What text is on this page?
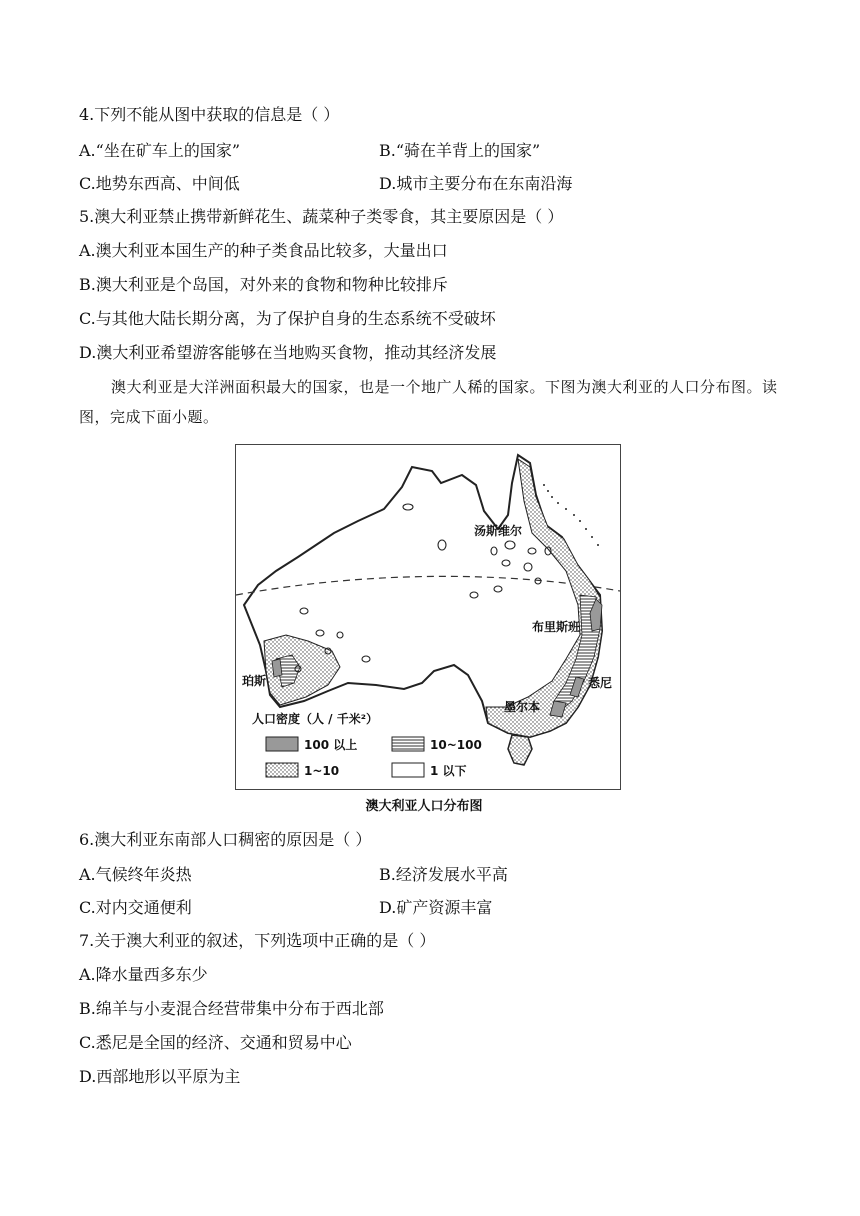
4.下列不能从图中获取的信息是（ ）
A.“坐在矿车上的国家”	B.“骑在羊背上的国家”
C.地势东西高、中间低	D.城市主要分布在东南沿海
5.澳大利亚禁止携带新鲜花生、蔬菜种子类零食，其主要原因是（ ）
A.澳大利亚本国生产的种子类食品比较多，大量出口
B.澳大利亚是个岛国，对外来的食物和物种比较排斥
C.与其他大陆长期分离，为了保护自身的生态系统不受破坏
D.澳大利亚希望游客能够在当地购买食物，推动其经济发展
澳大利亚是大洋洲面积最大的国家，也是一个地广人稀的国家。下图为澳大利亚的人口分布图。读图，完成下面小题。
汤斯维尔
布里斯班
珀斯	悉尼
墨尔本
人口密度（人 / 千米²）
100 以上	10~100
1~10	1 以下
澳大利亚人口分布图
6.澳大利亚东南部人口稠密的原因是（ ）
A.气候终年炎热	B.经济发展水平高
C.对内交通便利	D.矿产资源丰富
7.关于澳大利亚的叙述，下列选项中正确的是（ ）
A.降水量西多东少
B.绵羊与小麦混合经营带集中分布于西北部
C.悉尼是全国的经济、交通和贸易中心
D.西部地形以平原为主
